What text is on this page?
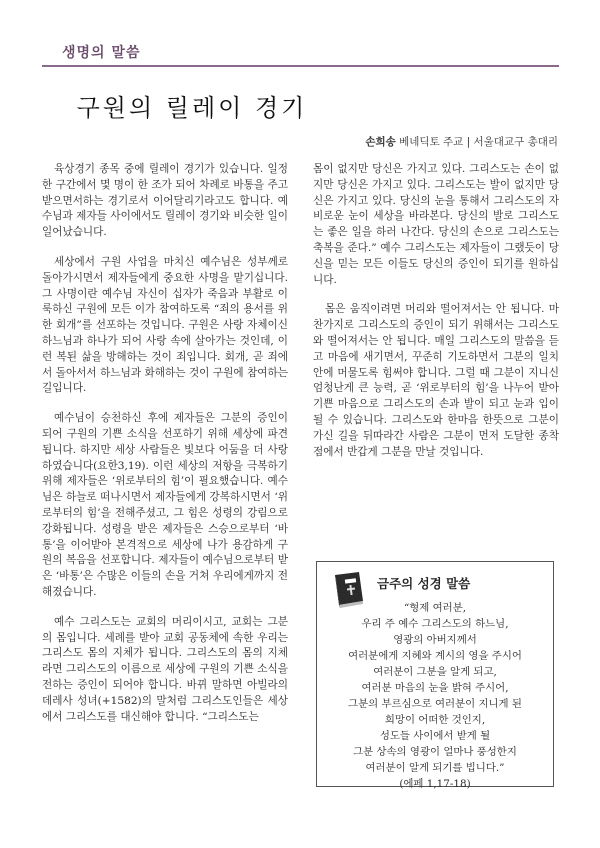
생명의 말씀
구원의 릴레이 경기
손희송 베네딕토 주교 | 서울대교구 총대리

육상경기 종목 중에 릴레이 경기가 있습니다. 일정한 구간에서 몇 명이 한 조가 되어 차례로 바통을 주고받으면서하는 경기로서 이어달리기라고도 합니다. 예수님과 제자들 사이에서도 릴레이 경기와 비슷한 일이 일어났습니다.

세상에서 구원 사업을 마치신 예수님은 성부께로 돌아가시면서 제자들에게 중요한 사명을 맡기십니다. 그 사명이란 예수님 자신이 십자가 죽음과 부활로 이룩하신 구원에 모든 이가 참여하도록 “죄의 용서를 위한 회개”를 선포하는 것입니다. 구원은 사랑 자체이신 하느님과 하나가 되어 사랑 속에 살아가는 것인데, 이런 복된 삶을 방해하는 것이 죄입니다. 회개, 곧 죄에서 돌아서서 하느님과 화해하는 것이 구원에 참여하는 길입니다.

예수님이 승천하신 후에 제자들은 그분의 증인이 되어 구원의 기쁜 소식을 선포하기 위해 세상에 파견됩니다. 하지만 세상 사람들은 빛보다 어둠을 더 사랑하였습니다(요한3,19). 이런 세상의 저항을 극복하기 위해 제자들은 ‘위로부터의 힘’이 필요했습니다. 예수님은 하늘로 떠나시면서 제자들에게 강복하시면서 ‘위로부터의 힘’을 전해주셨고, 그 힘은 성령의 강림으로 강화됩니다. 성령을 받은 제자들은 스승으로부터 ‘바통’을 이어받아 본격적으로 세상에 나가 용감하게 구원의 복음을 선포합니다. 제자들이 예수님으로부터 받은 ‘바통’은 수많은 이들의 손을 거쳐 우리에게까지 전해졌습니다.

예수 그리스도는 교회의 머리이시고, 교회는 그분의 몸입니다. 세례를 받아 교회 공동체에 속한 우리는 그리스도 몸의 지체가 됩니다. 그리스도의 몸의 지체라면 그리스도의 이름으로 세상에 구원의 기쁜 소식을 전하는 증인이 되어야 합니다. 바뀌 말하면 아빌라의 데레사 성녀(+1582)의 말처럼 그리스도인들은 세상에서 그리스도를 대신해야 합니다. “그리스도는

몸이 없지만 당신은 가지고 있다. 그리스도는 손이 없지만 당신은 가지고 있다. 그리스도는 발이 없지만 당신은 가지고 있다. 당신의 눈을 통해서 그리스도의 자비로운 눈이 세상을 바라본다. 당신의 발로 그리스도는 좋은 일을 하러 나간다. 당신의 손으로 그리스도는 축복을 준다.” 예수 그리스도는 제자들이 그랬듯이 당신을 믿는 모든 이들도 당신의 증인이 되기를 원하십니다.

몸은 움직이려면 머리와 떨어져서는 안 됩니다. 마찬가지로 그리스도의 증인이 되기 위해서는 그리스도와 떨어져서는 안 됩니다. 매일 그리스도의 말씀을 듣고 마음에 새기면서, 꾸준히 기도하면서 그분의 일치 안에 머물도록 힘써야 합니다. 그럴 때 그분이 지니신 엄청난게 큰 능력, 곧 ‘위로부터의 힘’을 나누어 받아 기쁜 마음으로 그리스도의 손과 발이 되고 눈과 입이 될 수 있습니다. 그리스도와 한마음 한뜻으로 그분이 가신 길을 뒤따라간 사람은 그분이 먼저 도달한 종착점에서 반갑게 그분을 만날 것입니다.

금주의 성경 말씀
“형제 여러분,
우리 주 예수 그리스도의 하느님,
영광의 아버지께서
여러분에게 지혜와 계시의 영을 주시어
여러분이 그분을 알게 되고,
여러분 마음의 눈을 밝혀 주시어,
그분의 부르심으로 여러분이 지니게 된
희망이 어떠한 것인지,
성도들 사이에서 받게 될
그분 상속의 영광이 얼마나 풍성한지
여러분이 알게 되기를 빕니다.”
(에페 1,17-18)
